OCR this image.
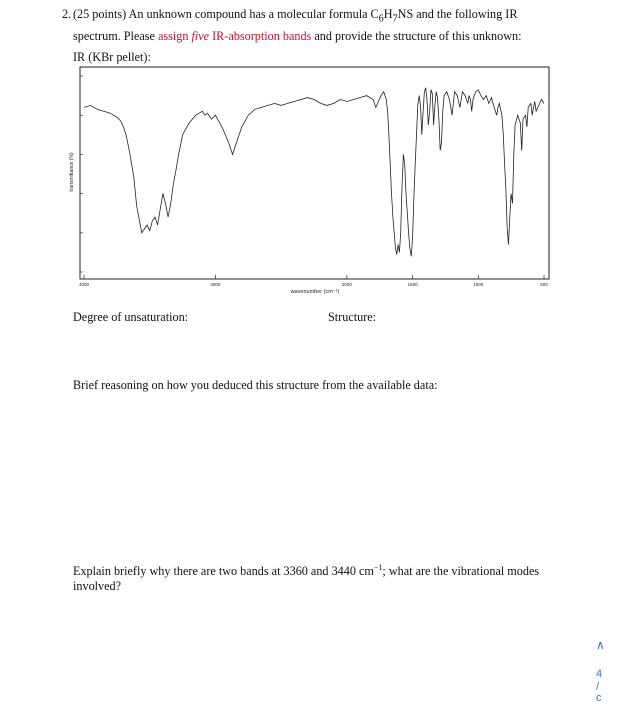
2. (25 points) An unknown compound has a molecular formula $C_6H_7NS$ and the following IR
spectrum. Please assign five IR-absorption bands and provide the structure of this unknown:
IR (KBr pellet):
transmittance (%)
wavenumber (cm⁻¹)
4000	3000	2000	1500	1000	500
Degree of unsaturation:	Structure:
Brief reasoning on how you deduced this structure from the available data:
Explain briefly why there are two bands at 3360 and 3440 $cm^{-1}$; what are the vibrational modes
involved?
∧
4
/
с
